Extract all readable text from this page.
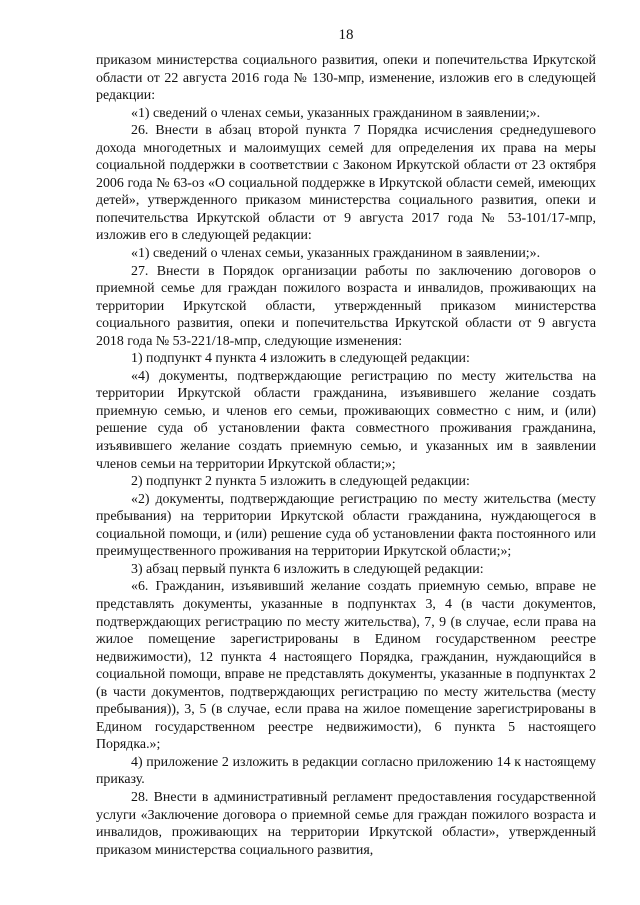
18

приказом министерства социального развития, опеки и попечительства Иркутской области от 22 августа 2016 года № 130-мпр, изменение, изложив его в следующей редакции:

«1) сведений о членах семьи, указанных гражданином в заявлении;».

26. Внести в абзац второй пункта 7 Порядка исчисления среднедушевого дохода многодетных и малоимущих семей для определения их права на меры социальной поддержки в соответствии с Законом Иркутской области от 23 октября 2006 года № 63-оз «О социальной поддержке в Иркутской области семей, имеющих детей», утвержденного приказом министерства социального развития, опеки и попечительства Иркутской области от 9 августа 2017 года № 53-101/17-мпр, изложив его в следующей редакции:

«1) сведений о членах семьи, указанных гражданином в заявлении;».

27. Внести в Порядок организации работы по заключению договоров о приемной семье для граждан пожилого возраста и инвалидов, проживающих на территории Иркутской области, утвержденный приказом министерства социального развития, опеки и попечительства Иркутской области от 9 августа 2018 года № 53-221/18-мпр, следующие изменения:

1) подпункт 4 пункта 4 изложить в следующей редакции:

«4) документы, подтверждающие регистрацию по месту жительства на территории Иркутской области гражданина, изъявившего желание создать приемную семью, и членов его семьи, проживающих совместно с ним, и (или) решение суда об установлении факта совместного проживания гражданина, изъявившего желание создать приемную семью, и указанных им в заявлении членов семьи на территории Иркутской области;»;

2) подпункт 2 пункта 5 изложить в следующей редакции:

«2) документы, подтверждающие регистрацию по месту жительства (месту пребывания) на территории Иркутской области гражданина, нуждающегося в социальной помощи, и (или) решение суда об установлении факта постоянного или преимущественного проживания на территории Иркутской области;»;

3) абзац первый пункта 6 изложить в следующей редакции:

«6. Гражданин, изъявивший желание создать приемную семью, вправе не представлять документы, указанные в подпунктах 3, 4 (в части документов, подтверждающих регистрацию по месту жительства), 7, 9 (в случае, если права на жилое помещение зарегистрированы в Едином государственном реестре недвижимости), 12 пункта 4 настоящего Порядка, гражданин, нуждающийся в социальной помощи, вправе не представлять документы, указанные в подпунктах 2 (в части документов, подтверждающих регистрацию по месту жительства (месту пребывания)), 3, 5 (в случае, если права на жилое помещение зарегистрированы в Едином государственном реестре недвижимости), 6 пункта 5 настоящего Порядка.»;

4) приложение 2 изложить в редакции согласно приложению 14 к настоящему приказу.

28. Внести в административный регламент предоставления государственной услуги «Заключение договора о приемной семье для граждан пожилого возраста и инвалидов, проживающих на территории Иркутской области», утвержденный приказом министерства социального развития,
